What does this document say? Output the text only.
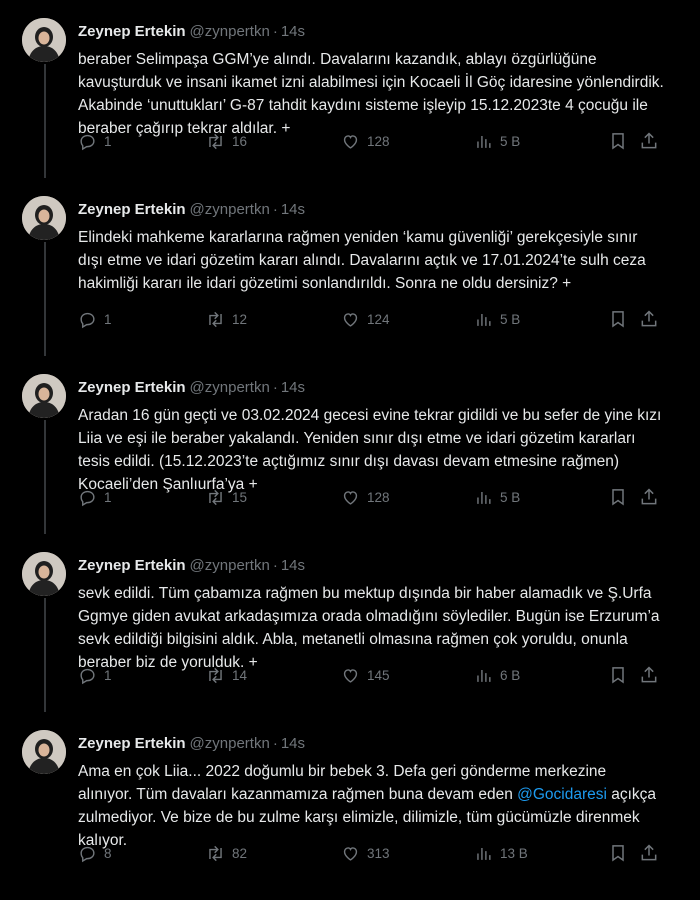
Zeynep Ertekin @zynpertkn · 14s
beraber Selimpaşa GGM’ye alındı. Davalarını kazandık, ablayı özgürlüğüne kavuşturduk ve insani ikamet izni alabilmesi için Kocaeli İl Göç idaresine yönlendirdik. Akabinde ‘unuttukları’ G-87 tahdit kaydını sisteme işleyip 15.12.2023te 4 çocuğu ile beraber çağırıp tekrar aldılar. +
1	16	128	5 B
Zeynep Ertekin @zynpertkn · 14s
Elindeki mahkeme kararlarına rağmen yeniden ‘kamu güvenliği’ gerekçesiyle sınır dışı etme ve idari gözetim kararı alındı. Davalarını açtık ve 17.01.2024’te sulh ceza hakimliği kararı ile idari gözetimi sonlandırıldı. Sonra ne oldu dersiniz? +
1	12	124	5 B
Zeynep Ertekin @zynpertkn · 14s
Aradan 16 gün geçti ve 03.02.2024 gecesi evine tekrar gidildi ve bu sefer de yine kızı Liia ve eşi ile beraber yakalandı. Yeniden sınır dışı etme ve idari gözetim kararları tesis edildi. (15.12.2023’te açtığımız sınır dışı davası devam etmesine rağmen) Kocaeli’den Şanlıurfa’ya +
1	15	128	5 B
Zeynep Ertekin @zynpertkn · 14s
sevk edildi. Tüm çabamıza rağmen bu mektup dışında bir haber alamadık ve Ş.Urfa Ggmye giden avukat arkadaşımıza orada olmadığını söylediler. Bugün ise Erzurum’a sevk edildiği bilgisini aldık. Abla, metanetli olmasına rağmen çok yoruldu, onunla beraber biz de yorulduk. +
1	14	145	6 B
Zeynep Ertekin @zynpertkn · 14s
Ama en çok Liia... 2022 doğumlu bir bebek 3. Defa geri gönderme merkezine alınıyor. Tüm davaları kazanmamıza rağmen buna devam eden @Gocidaresi açıkça zulmediyor. Ve bize de bu zulme karşı elimizle, dilimizle, tüm gücümüzle direnmek kalıyor.
8	82	313	13 B
